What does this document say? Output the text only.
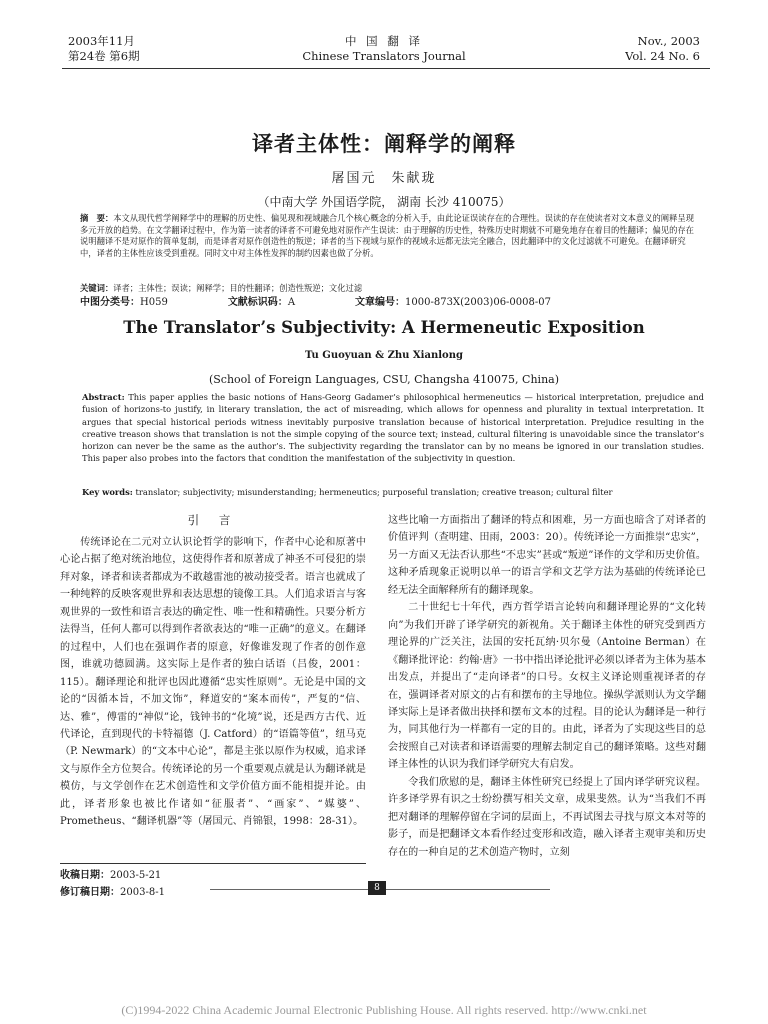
2003年11月
第24卷 第6期
中 国 翻 译
Chinese Translators Journal
Nov., 2003
Vol. 24 No. 6
译者主体性：阐释学的阐释
屠国元　朱献珑
（中南大学 外国语学院， 湖南 长沙 410075）

摘　要：本文从现代哲学阐释学中的理解的历史性、偏见现和视域融合几个核心概念的分析入手，由此论证误读存在的合理性。误读的存在使读者对文本意义的阐释呈现多元开放的趋势。在文学翻译过程中，作为第一读者的译者不可避免地对原作产生误读：由于理解的历史性，特殊历史时期就不可避免地存在着目的性翻译；偏见的存在说明翻译不是对原作的简单复制，而是译者对原作创造性的叛逆；译者的当下视域与原作的视域永远都无法完全融合，因此翻译中的文化过滤就不可避免。在翻译研究中，译者的主体性应该受到重视。同时文中对主体性发挥的制约因素也做了分析。

关键词：译者；主体性；误读；阐释学；目的性翻译；创造性叛逆；文化过滤
中图分类号：H059	文献标识码：A	文章编号：1000-873X(2003)06-0008-07
The Translator’s Subjectivity: A Hermeneutic Exposition
Tu Guoyuan & Zhu Xianlong
(School of Foreign Languages, CSU, Changsha 410075, China)

Abstract: This paper applies the basic notions of Hans-Georg Gadamer’s philosophical hermeneutics — historical interpretation, prejudice and fusion of horizons-to justify, in literary translation, the act of misreading, which allows for openness and plurality in textual interpretation. It argues that special historical periods witness inevitably purposive translation because of historical interpretation. Prejudice resulting in the creative treason shows that translation is not the simple copying of the source text; instead, cultural filtering is unavoidable since the translator’s horizon can never be the same as the author’s. The subjectivity regarding the translator can by no means be ignored in our translation studies. This paper also probes into the factors that condition the manifestation of the subjectivity in question.

Key words: translator; subjectivity; misunderstanding; hermeneutics; purposeful translation; creative treason; cultural filter
引 言

传统译论在二元对立认识论哲学的影响下，作者中心论和原著中心论占据了绝对统治地位，这使得作者和原著成了神圣不可侵犯的崇拜对象，译者和读者都成为不敢越雷池的被动接受者。语言也就成了一种纯粹的反映客观世界和表达思想的镜像工具。人们追求语言与客观世界的一致性和语言表达的确定性、唯一性和精确性。只要分析方法得当，任何人都可以得到作者欲表达的“唯一正确”的意义。在翻译的过程中，人们也在强调作者的原意，好像谁发现了作者的创作意图，谁就功德圆满。这实际上是作者的独白话语（吕俊，2001：115）。翻译理论和批评也因此遵循“忠实性原则”。无论是中国的文论的“因循本旨，不加文饰”，释道安的“案本而传”，严复的“信、达、雅”，傅雷的“神似”论，钱钟书的“化境”说，还是西方古代、近代译论，直到现代的卡特福德（J. Catford）的“语篇等值”，纽马克（P. Newmark）的“文本中心论”，都是主张以原作为权威，追求译文与原作全方位契合。传统译论的另一个重要观点就是认为翻译就是模仿，与文学创作在艺术创造性和文学价值方面不能相提并论。由此，译者形象也被比作诸如“征服者”、“画家”、“媒婆”、Prometheus、“翻译机器”等（屠国元、肖锦银，1998：28-31）。

收稿日期：2003-5-21
修订稿日期：2003-8-1

这些比喻一方面指出了翻译的特点和困难，另一方面也暗含了对译者的价值评判（查明建、田雨，2003：20）。传统译论一方面推崇“忠实”，另一方面又无法否认那些“不忠实”甚或“叛逆”译作的文学和历史价值。这种矛盾现象正说明以单一的语言学和文艺学方法为基础的传统译论已经无法全面解释所有的翻译现象。

二十世纪七十年代，西方哲学语言论转向和翻译理论界的“文化转向”为我们开辟了译学研究的新视角。关于翻译主体性的研究受到西方理论界的广泛关注，法国的安托瓦纳·贝尔曼（Antoine Berman）在《翻译批评论：约翰·唐》一书中指出译论批评必须以译者为主体为基本出发点，并提出了“走向译者”的口号。女权主义译论则重视译者的存在，强调译者对原文的占有和摆布的主导地位。操纵学派则认为文学翻译实际上是译者做出抉择和摆布文本的过程。目的论认为翻译是一种行为，同其他行为一样都有一定的目的。由此，译者为了实现这些目的总会按照自己对读者和译语需要的理解去制定自己的翻译策略。这些对翻译主体性的认识为我们译学研究大有启发。

令我们欣慰的是，翻译主体性研究已经提上了国内译学研究议程。许多译学界有识之士纷纷撰写相关文章，成果斐然。认为“当我们不再把对翻译的理解停留在字词的层面上，不再试图去寻找与原文本对等的影子，而是把翻译文本看作经过变形和改造，融入译者主观审美和历史存在的一种自足的艺术创造产物时，立刻

8
(C)1994-2022 China Academic Journal Electronic Publishing House. All rights reserved. http://www.cnki.net
